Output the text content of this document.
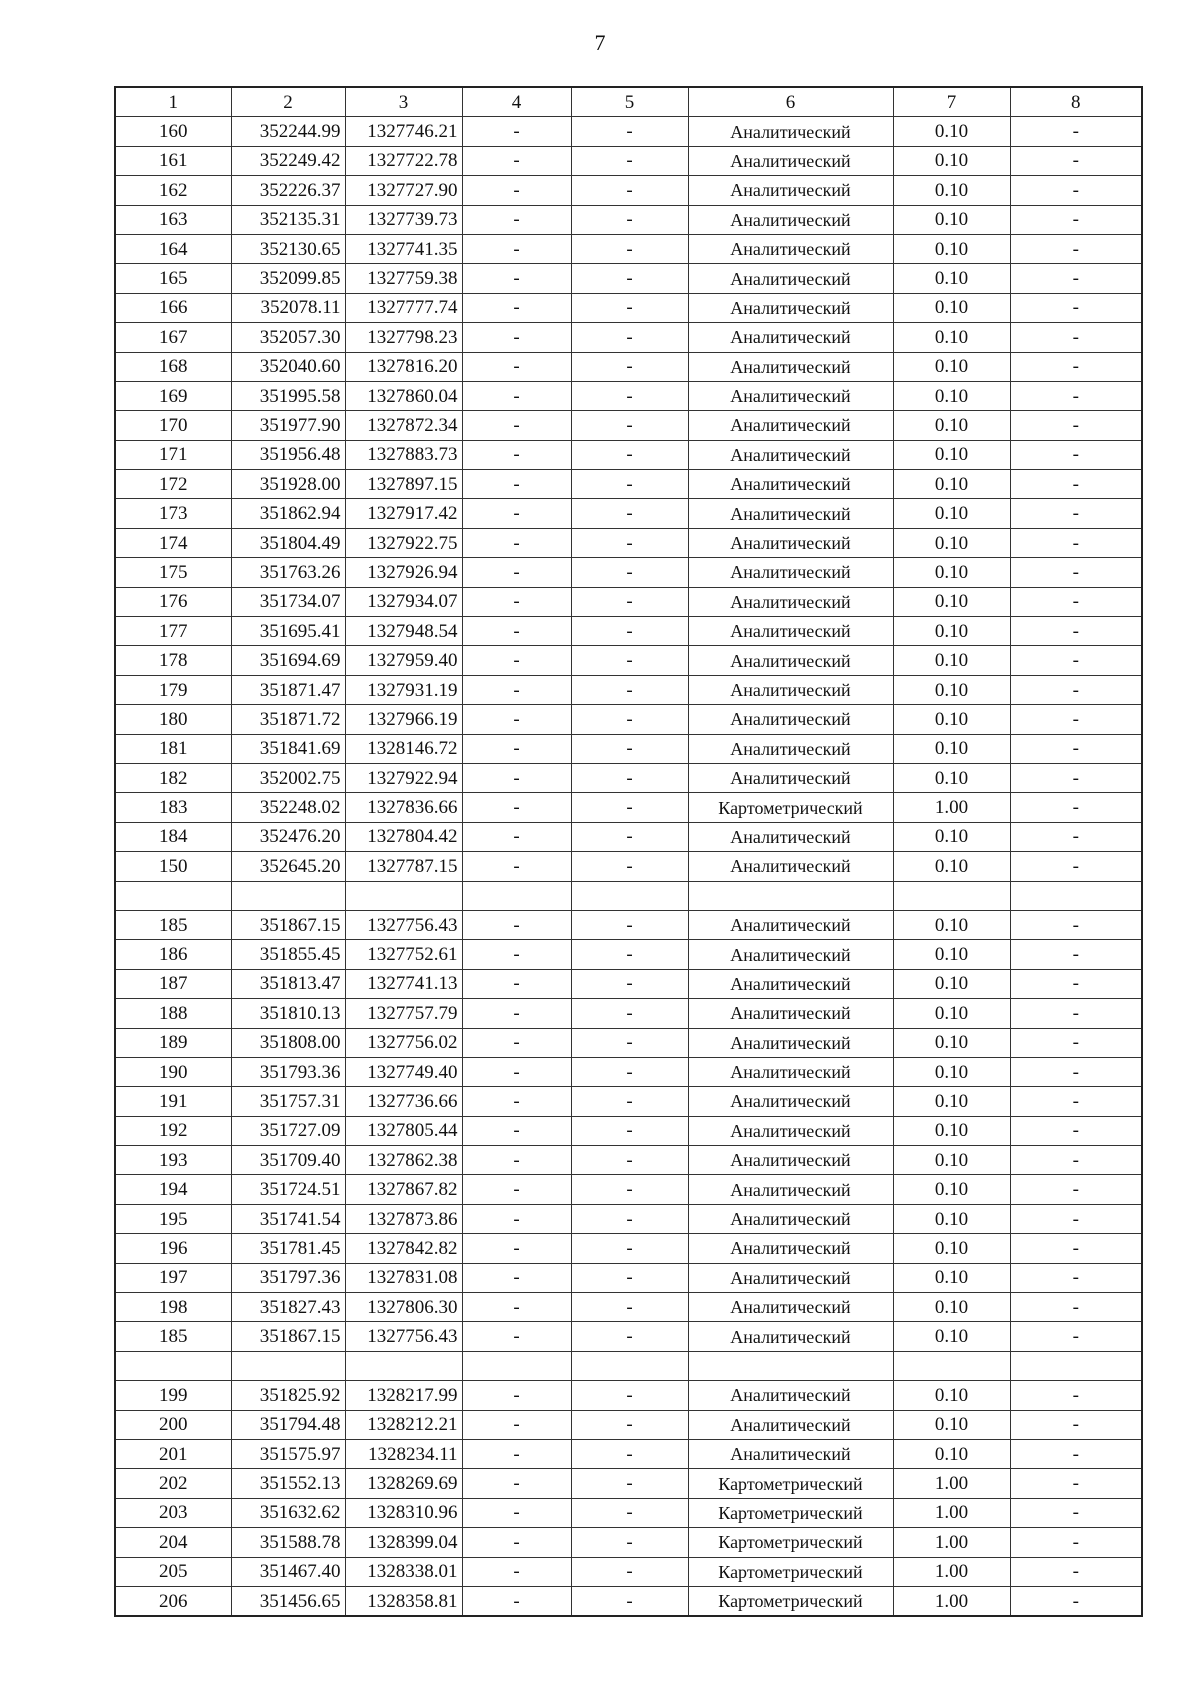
7
1	2	3	4	5	6	7	8
160	352244.99	1327746.21	-	-	Аналитический	0.10	-
161	352249.42	1327722.78	-	-	Аналитический	0.10	-
162	352226.37	1327727.90	-	-	Аналитический	0.10	-
163	352135.31	1327739.73	-	-	Аналитический	0.10	-
164	352130.65	1327741.35	-	-	Аналитический	0.10	-
165	352099.85	1327759.38	-	-	Аналитический	0.10	-
166	352078.11	1327777.74	-	-	Аналитический	0.10	-
167	352057.30	1327798.23	-	-	Аналитический	0.10	-
168	352040.60	1327816.20	-	-	Аналитический	0.10	-
169	351995.58	1327860.04	-	-	Аналитический	0.10	-
170	351977.90	1327872.34	-	-	Аналитический	0.10	-
171	351956.48	1327883.73	-	-	Аналитический	0.10	-
172	351928.00	1327897.15	-	-	Аналитический	0.10	-
173	351862.94	1327917.42	-	-	Аналитический	0.10	-
174	351804.49	1327922.75	-	-	Аналитический	0.10	-
175	351763.26	1327926.94	-	-	Аналитический	0.10	-
176	351734.07	1327934.07	-	-	Аналитический	0.10	-
177	351695.41	1327948.54	-	-	Аналитический	0.10	-
178	351694.69	1327959.40	-	-	Аналитический	0.10	-
179	351871.47	1327931.19	-	-	Аналитический	0.10	-
180	351871.72	1327966.19	-	-	Аналитический	0.10	-
181	351841.69	1328146.72	-	-	Аналитический	0.10	-
182	352002.75	1327922.94	-	-	Аналитический	0.10	-
183	352248.02	1327836.66	-	-	Картометрический	1.00	-
184	352476.20	1327804.42	-	-	Аналитический	0.10	-
150	352645.20	1327787.15	-	-	Аналитический	0.10	-

185	351867.15	1327756.43	-	-	Аналитический	0.10	-
186	351855.45	1327752.61	-	-	Аналитический	0.10	-
187	351813.47	1327741.13	-	-	Аналитический	0.10	-
188	351810.13	1327757.79	-	-	Аналитический	0.10	-
189	351808.00	1327756.02	-	-	Аналитический	0.10	-
190	351793.36	1327749.40	-	-	Аналитический	0.10	-
191	351757.31	1327736.66	-	-	Аналитический	0.10	-
192	351727.09	1327805.44	-	-	Аналитический	0.10	-
193	351709.40	1327862.38	-	-	Аналитический	0.10	-
194	351724.51	1327867.82	-	-	Аналитический	0.10	-
195	351741.54	1327873.86	-	-	Аналитический	0.10	-
196	351781.45	1327842.82	-	-	Аналитический	0.10	-
197	351797.36	1327831.08	-	-	Аналитический	0.10	-
198	351827.43	1327806.30	-	-	Аналитический	0.10	-
185	351867.15	1327756.43	-	-	Аналитический	0.10	-

199	351825.92	1328217.99	-	-	Аналитический	0.10	-
200	351794.48	1328212.21	-	-	Аналитический	0.10	-
201	351575.97	1328234.11	-	-	Аналитический	0.10	-
202	351552.13	1328269.69	-	-	Картометрический	1.00	-
203	351632.62	1328310.96	-	-	Картометрический	1.00	-
204	351588.78	1328399.04	-	-	Картометрический	1.00	-
205	351467.40	1328338.01	-	-	Картометрический	1.00	-
206	351456.65	1328358.81	-	-	Картометрический	1.00	-
